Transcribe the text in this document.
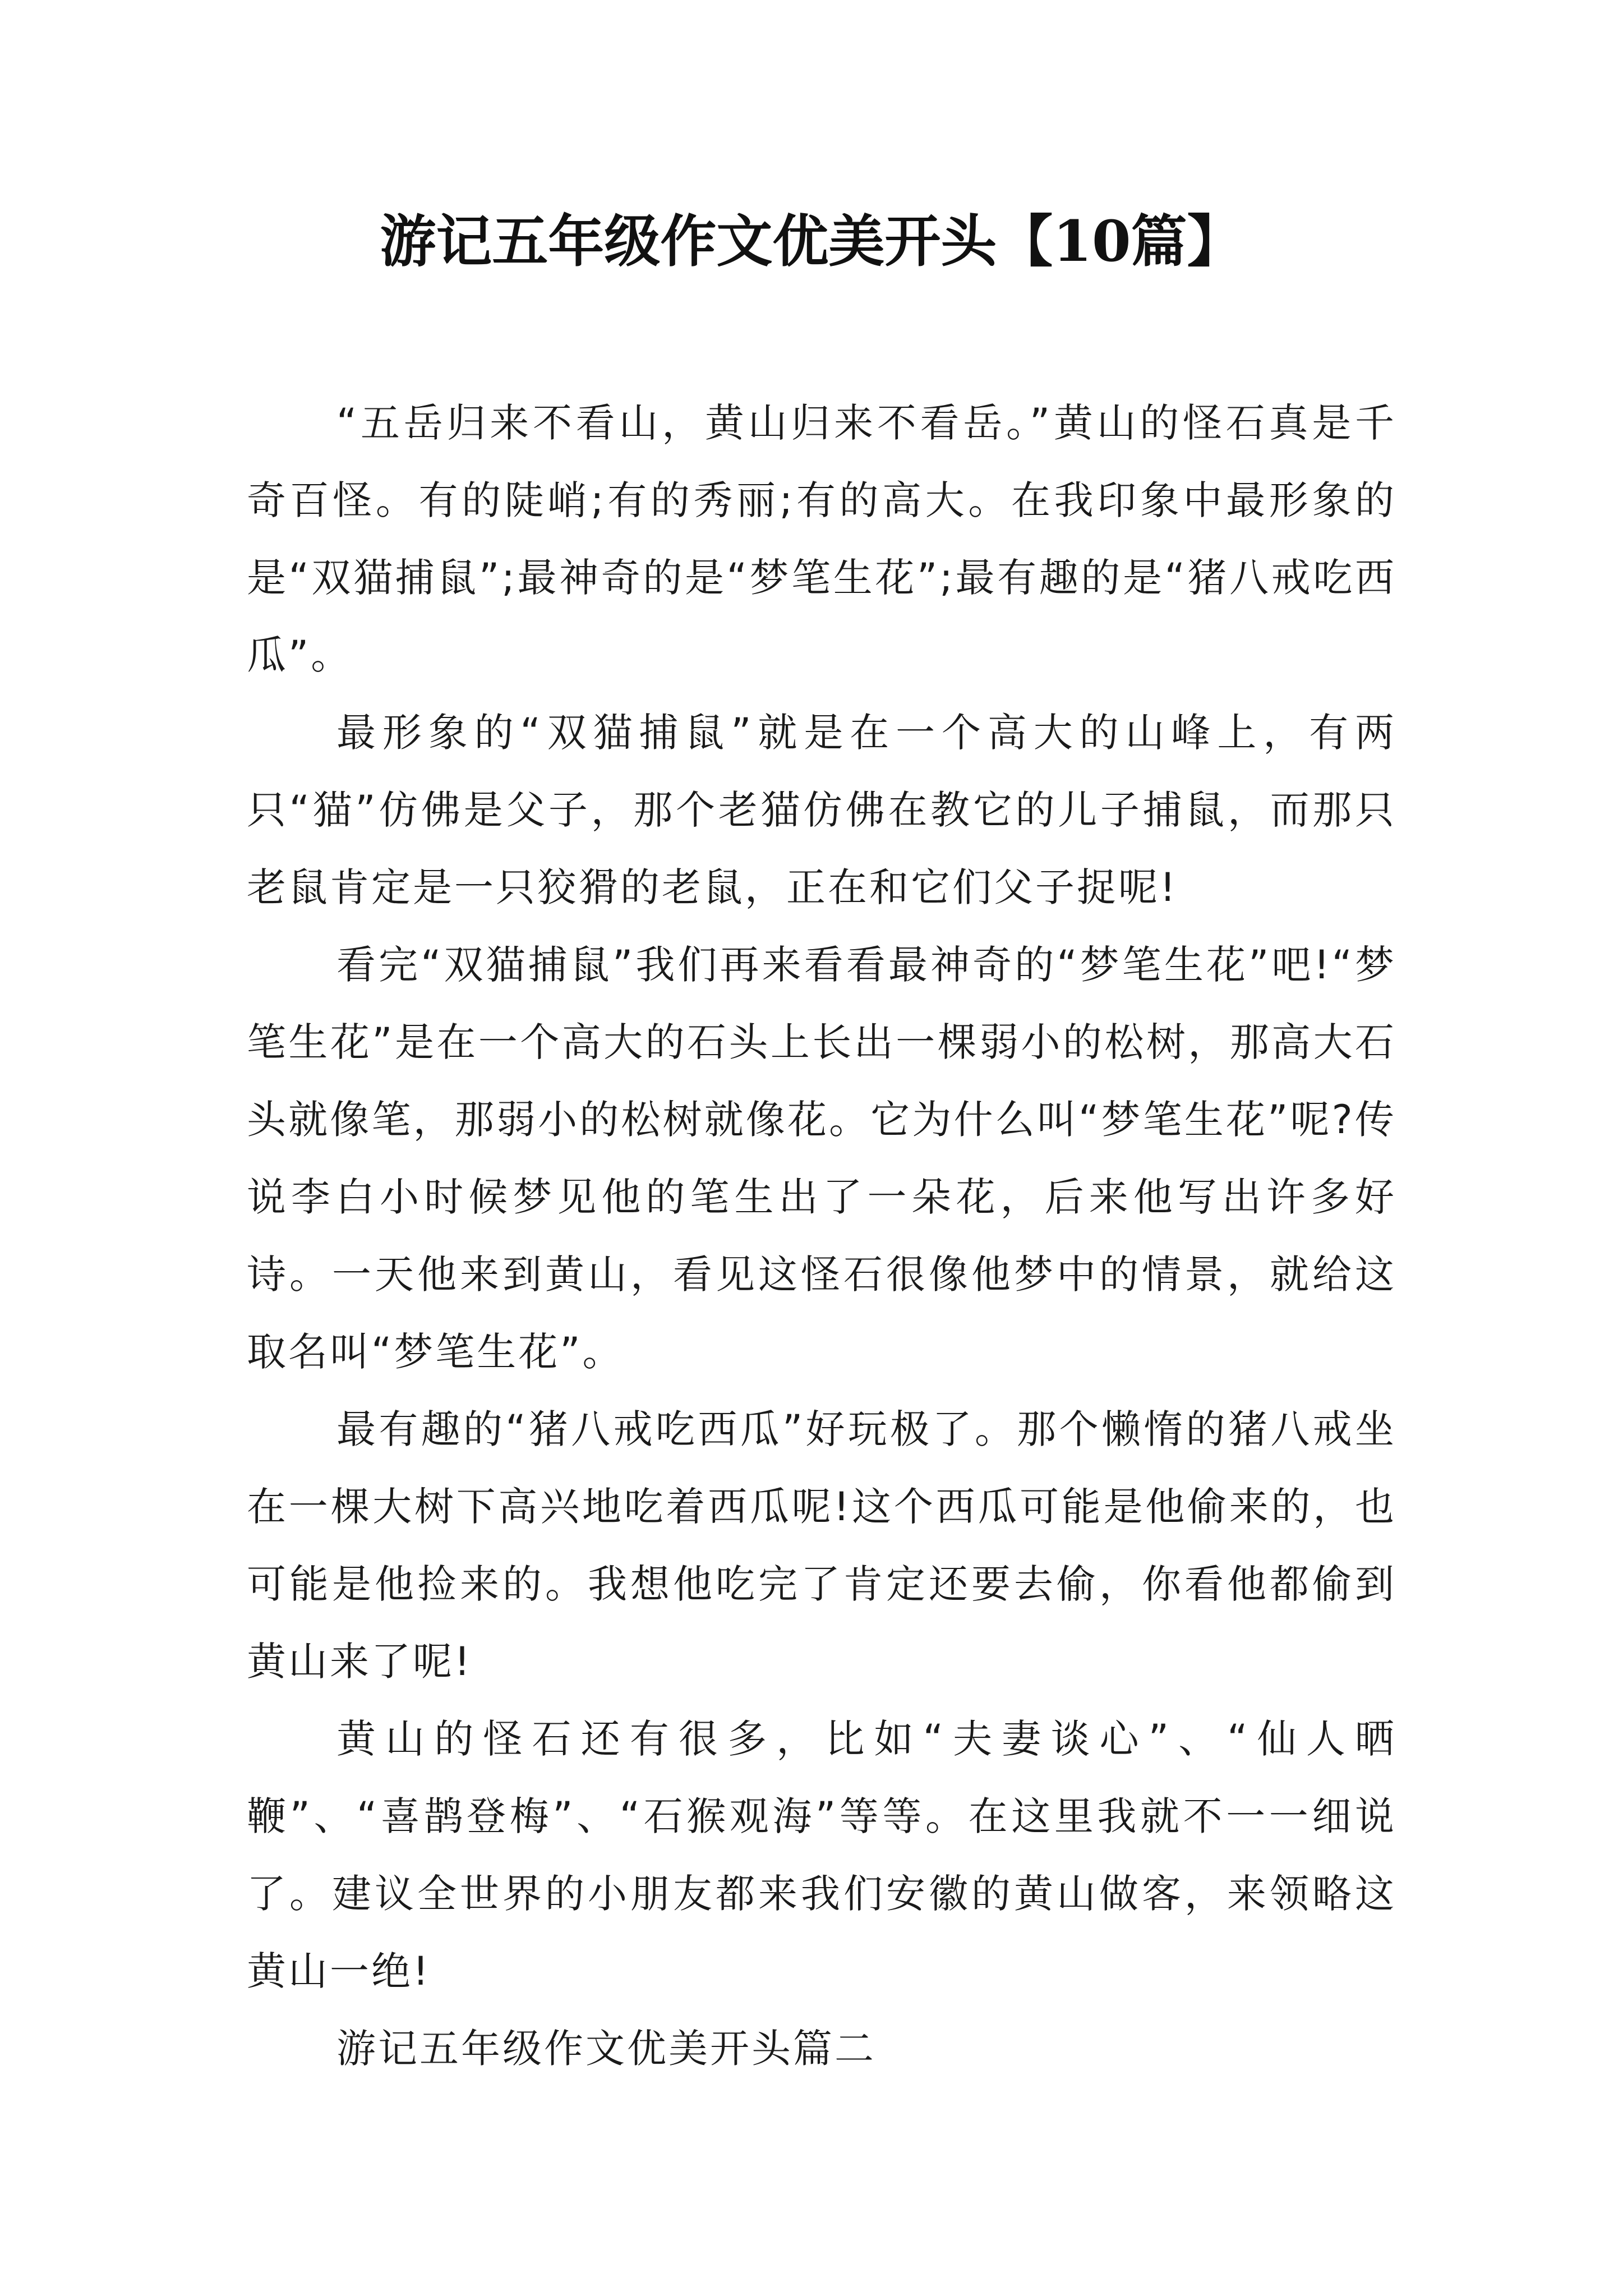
游记五年级作文优美开头【10篇】

“五岳归来不看山，黄山归来不看岳。”黄山的怪石真是千奇百怪。有的陡峭;有的秀丽;有的高大。在我印象中最形象的是“双猫捕鼠”;最神奇的是“梦笔生花”;最有趣的是“猪八戒吃西瓜”。

最形象的“双猫捕鼠”就是在一个高大的山峰上，有两只“猫”仿佛是父子，那个老猫仿佛在教它的儿子捕鼠，而那只老鼠肯定是一只狡猾的老鼠，正在和它们父子捉呢!

看完“双猫捕鼠”我们再来看看最神奇的“梦笔生花”吧!“梦笔生花”是在一个高大的石头上长出一棵弱小的松树，那高大石头就像笔，那弱小的松树就像花。它为什么叫“梦笔生花”呢?传说李白小时候梦见他的笔生出了一朵花，后来他写出许多好诗。一天他来到黄山，看见这怪石很像他梦中的情景，就给这取名叫“梦笔生花”。

最有趣的“猪八戒吃西瓜”好玩极了。那个懒惰的猪八戒坐在一棵大树下高兴地吃着西瓜呢!这个西瓜可能是他偷来的，也可能是他捡来的。我想他吃完了肯定还要去偷，你看他都偷到黄山来了呢!

黄山的怪石还有很多，比如“夫妻谈心”、“仙人晒鞭”、“喜鹊登梅”、“石猴观海”等等。在这里我就不一一细说了。建议全世界的小朋友都来我们安徽的黄山做客，来领略这黄山一绝!

游记五年级作文优美开头篇二
